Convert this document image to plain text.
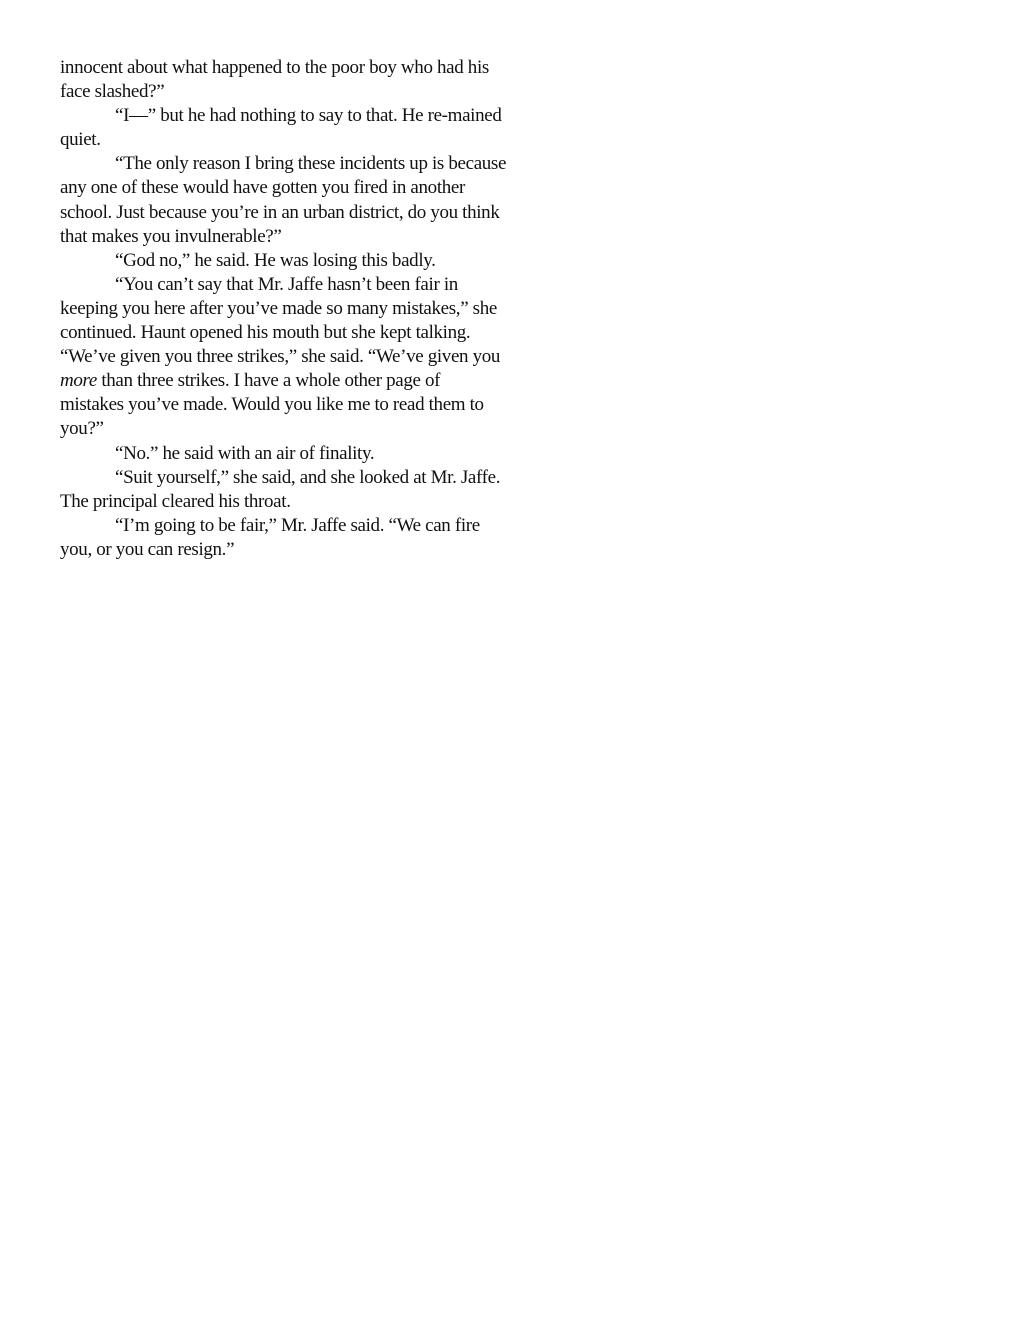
innocent about what happened to the poor boy who had his face slashed?”

“I—” but he had nothing to say to that. He re-mained quiet.

“The only reason I bring these incidents up is because any one of these would have gotten you fired in another school. Just because you’re in an urban district, do you think that makes you invulnerable?”

“God no,” he said. He was losing this badly.

“You can’t say that Mr. Jaffe hasn’t been fair in keeping you here after you’ve made so many mistakes,” she continued. Haunt opened his mouth but she kept talking.

“We’ve given you three strikes,” she said. “We’ve given you more than three strikes. I have a whole other page of mistakes you’ve made. Would you like me to read them to you?”

“No.” he said with an air of finality.

“Suit yourself,” she said, and she looked at Mr. Jaffe. The principal cleared his throat.

“I’m going to be fair,” Mr. Jaffe said. “We can fire you, or you can resign.”
